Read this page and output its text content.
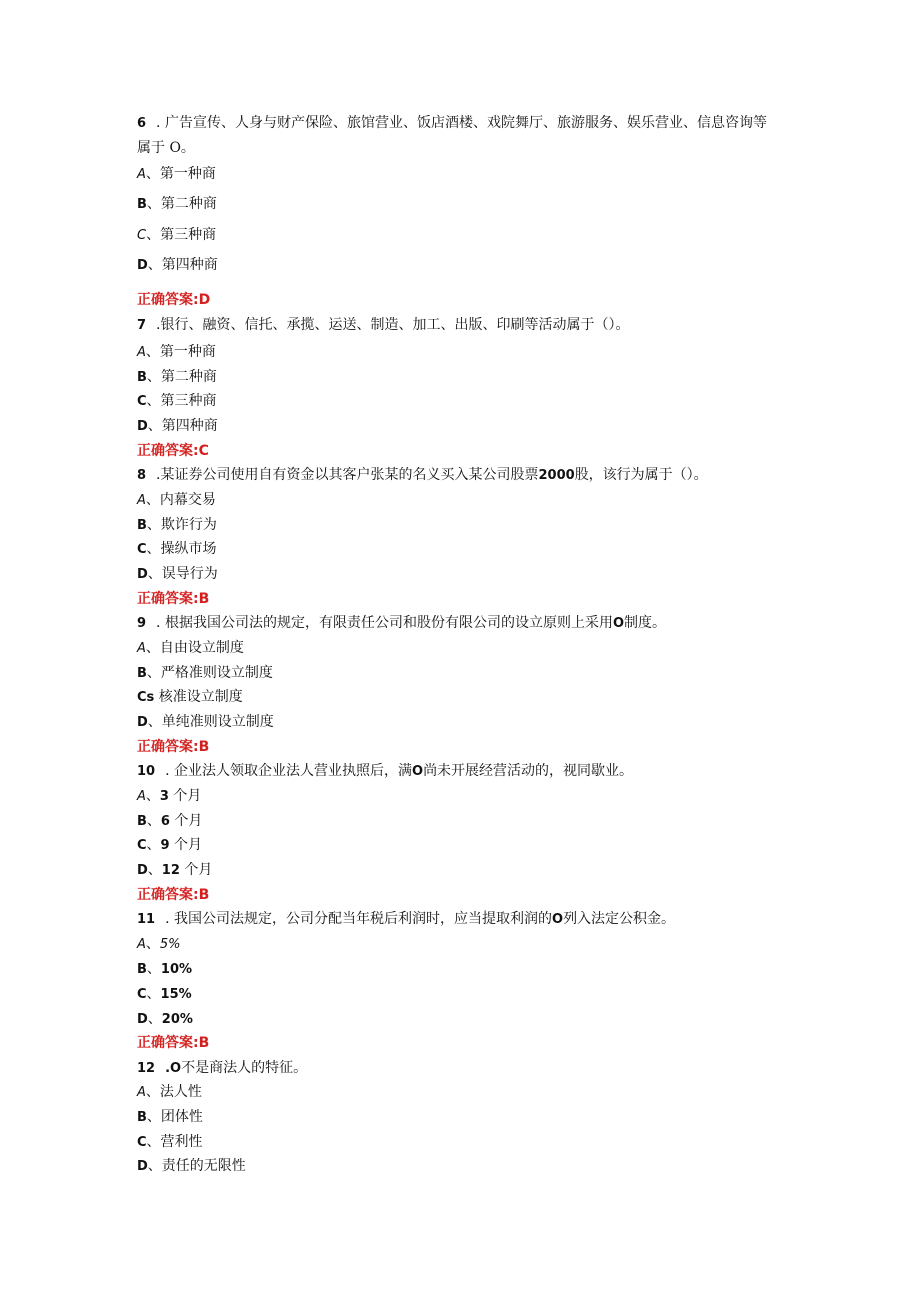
6 . 广告宣传、人身与财产保险、旅馆营业、饭店酒楼、戏院舞厅、旅游服务、娱乐营业、信息咨询等属于 O。
A、第一种商
B、第二种商
C、第三种商
D、第四种商
正确答案:D
7 .银行、融资、信托、承揽、运送、制造、加工、出版、印刷等活动属于（）。
A、第一种商
B、第二种商
C、第三种商
D、第四种商
正确答案:C
8 .某证券公司使用自有资金以其客户张某的名义买入某公司股票2000股，该行为属于（）。
A、内幕交易
B、欺诈行为
C、操纵市场
D、误导行为
正确答案:B
9 . 根据我国公司法的规定，有限责任公司和股份有限公司的设立原则上采用O制度。
A、自由设立制度
B、严格准则设立制度
Cs 核准设立制度
D、单纯准则设立制度
正确答案:B
10 . 企业法人领取企业法人营业执照后，满O尚未开展经营活动的，视同歇业。
A、3 个月
B、6 个月
C、9 个月
D、12 个月
正确答案:B
11 . 我国公司法规定，公司分配当年税后利润时，应当提取利润的O列入法定公积金。
A、5%
B、10%
C、15%
D、20%
正确答案:B
12 .O不是商法人的特征。
A、法人性
B、团体性
C、营利性
D、责任的无限性
